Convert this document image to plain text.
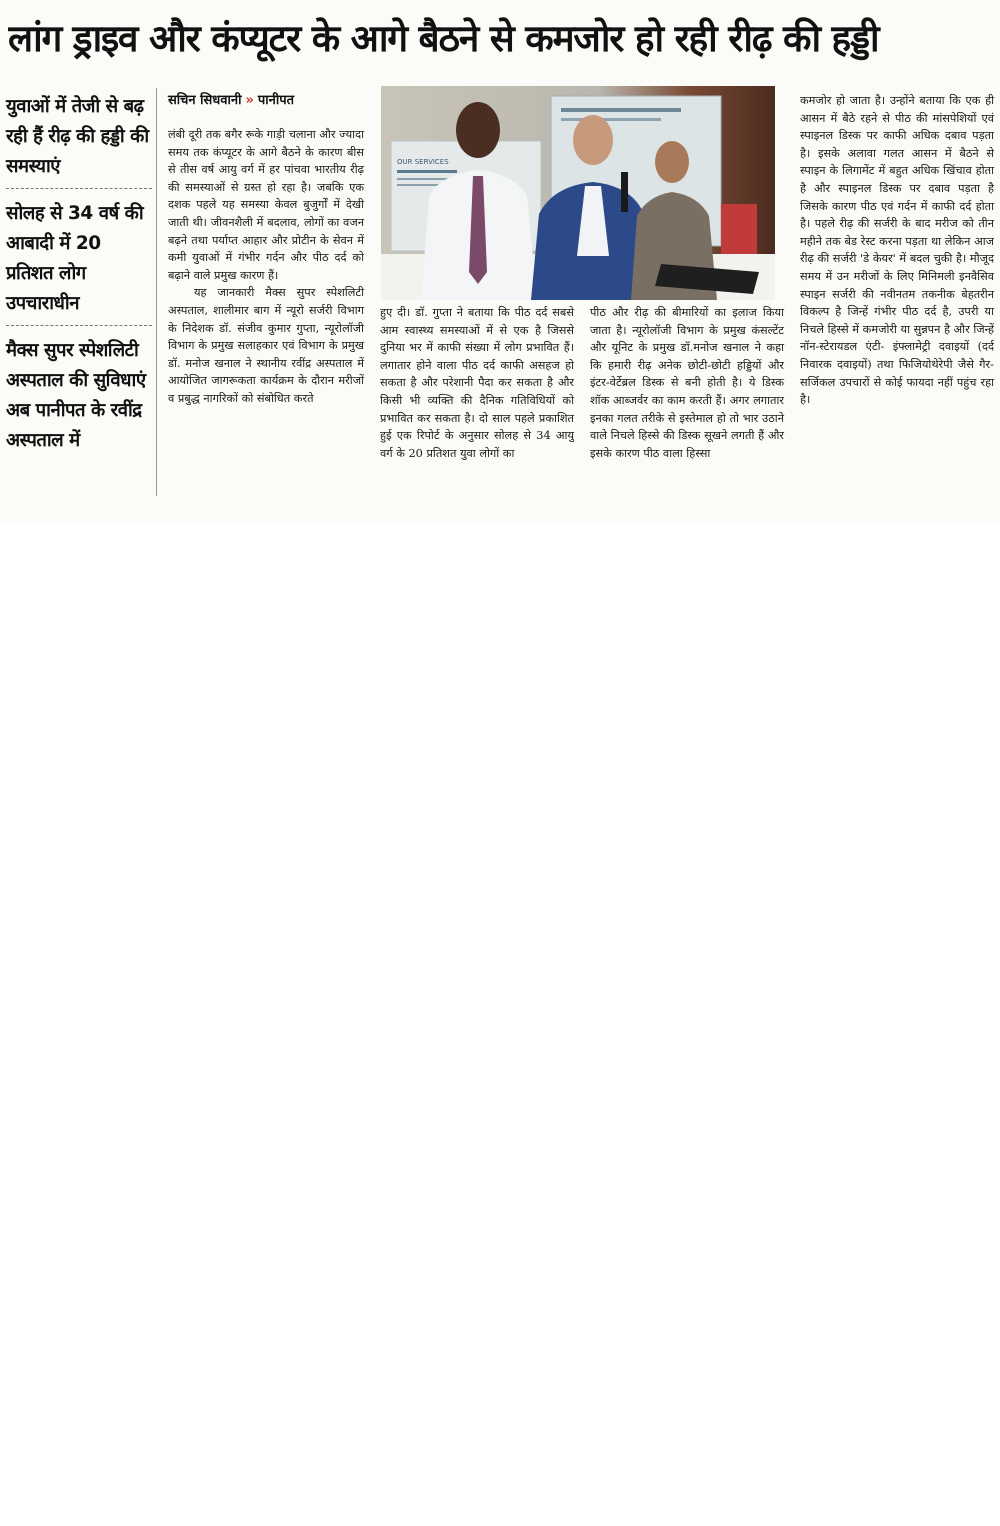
लांग ड्राइव और कंप्यूटर के आगे बैठने से कमजोर हो रही रीढ़ की हड्डी
युवाओं में तेजी से बढ़ रही हैं रीढ़ की हड्डी की समस्याएं
सोलह से 34 वर्ष की आबादी में 20 प्रतिशत लोग उपचाराधीन
मैक्स सुपर स्पेशलिटी अस्पताल की सुविधाएं अब पानीपत के रवींद्र अस्पताल में
सचिन सिधवानी » पानीपत

लंबी दूरी तक बगैर रूके गाड़ी चलाना और ज्यादा समय तक कंप्यूटर के आगे बैठने के कारण बीस से तीस वर्ष आयु वर्ग में हर पांचवा भारतीय रीढ़ की समस्याओं से ग्रस्त हो रहा है। जबकि एक दशक पहले यह समस्या केवल बुजुर्गों में देखी जाती थी। जीवनशैली में बदलाव, लोगों का वजन बढ़ने तथा पर्याप्त आहार और प्रोटीन के सेवन में कमी युवाओं में गंभीर गर्दन और पीठ दर्द को बढ़ाने वाले प्रमुख कारण हैं।

यह जानकारी मैक्स सुपर स्पेशलिटी अस्पताल, शालीमार बाग में न्यूरो सर्जरी विभाग के निदेशक डॉ. संजीव कुमार गुप्ता, न्यूरोलॉजी विभाग के प्रमुख सलाहकार एवं विभाग के प्रमुख डॉ. मनोज खनाल ने स्थानीय रवींद्र अस्पताल में आयोजित जागरूकता कार्यक्रम के दौरान मरीजों व प्रबुद्ध नागरिकों को संबोधित करते

OUR SERVICES

हुए दी। डॉ. गुप्ता ने बताया कि पीठ दर्द सबसे आम स्वास्थ्य समस्याओं में से एक है जिससे दुनिया भर में काफी संख्या में लोग प्रभावित हैं। लगातार होने वाला पीठ दर्द काफी असहज हो सकता है और परेशानी पैदा कर सकता है और किसी भी व्यक्ति की दैनिक गतिविधियों को प्रभावित कर सकता है। दो साल पहले प्रकाशित हुई एक रिपोर्ट के अनुसार सोलह से 34 आयु वर्ग के 20 प्रतिशत युवा लोगों का

पीठ और रीढ़ की बीमारियों का इलाज किया जाता है। न्यूरोलॉजी विभाग के प्रमुख कंसल्टेंट और यूनिट के प्रमुख डॉ.मनोज खनाल ने कहा कि हमारी रीढ़ अनेक छोटी-छोटी हड्डियों और इंटर-वेर्टेब्रल डिस्क से बनी होती है। ये डिस्क शॉक आब्जर्वर का काम करती हैं। अगर लगातार इनका गलत तरीके से इस्तेमाल हो तो भार उठाने वाले निचले हिस्से की डिस्क सूखने लगती हैं और इसके कारण पीठ वाला हिस्सा

कमजोर हो जाता है। उन्होंने बताया कि एक ही आसन में बैठे रहने से पीठ की मांसपेशियों एवं स्पाइनल डिस्क पर काफी अधिक दबाव पड़ता है। इसके अलावा गलत आसन में बैठने से स्पाइन के लिगामेंट में बहुत अधिक खिंचाव होता है और स्पाइनल डिस्क पर दबाव पड़ता है जिसके कारण पीठ एवं गर्दन में काफी दर्द होता है। पहले रीढ़ की सर्जरी के बाद मरीज को तीन महीने तक बेड रेस्ट करना पड़ता था लेकिन आज रीढ़ की सर्जरी 'डे केयर' में बदल चुकी है। मौजूद समय में उन मरीजों के लिए मिनिमली इनवैसिव स्पाइन सर्जरी की नवीनतम तकनीक बेहतरीन विकल्प है जिन्हें गंभीर पीठ दर्द है, उपरी या निचले हिस्से में कमजोरी या सुन्नपन है और जिन्हें नॉन-स्टेरायडल एंटी- इंफ्लामेट्री दवाइयों (दर्द निवारक दवाइयों) तथा फिजियोथेरेपी जैसे गैर-सर्जिकल उपचारों से कोई फायदा नहीं पहुंच रहा है।
